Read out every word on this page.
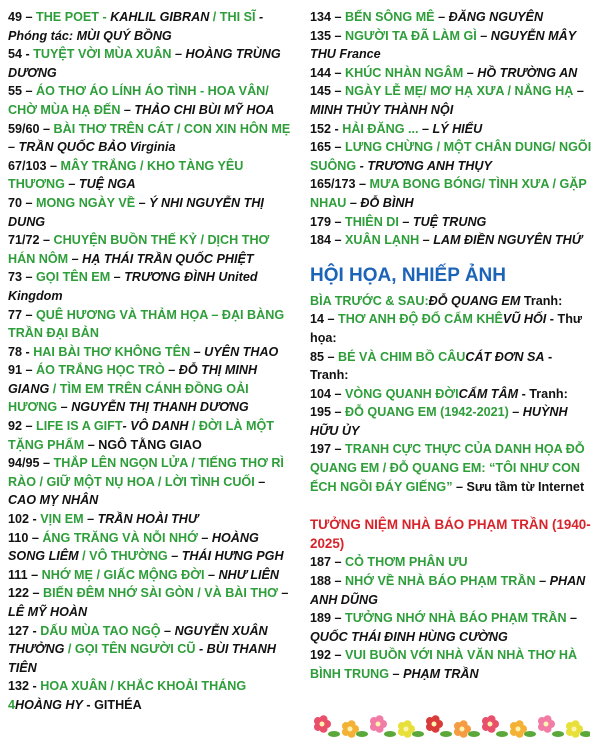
49 – THE POET - KAHLIL GIBRAN / THI SĨ - Phóng tác: MÙI QUÝ BỒNG

54 - TUYỆT VỜI MÙA XUÂN – HOÀNG TRÙNG DƯƠNG

55 – ÁO THƠ ÁO LÍNH ÁO TÌNH - HOA VÂN/ CHỜ MÙA HẠ ĐẾN – THẢO CHI BÙI MỸ HOA

59/60 – BÀI THƠ TRÊN CÁT / CON XIN HÔN MẸ – TRẦN QUỐC BẢO Virginia

67/103 – MÂY TRẮNG / KHO TÀNG YÊU THƯƠNG – TUỆ NGA

70 – MONG NGÀY VỀ – Ý NHI NGUYỄN THỊ DUNG

71/72 – CHUYỆN BUỒN THẾ KỶ / DỊCH THƠ HÁN NÔM – HẠ THÁI TRẦN QUỐC PHIỆT

73 – GỌI TÊN EM – TRƯƠNG ĐÌNH United Kingdom

77 – QUÊ HƯƠNG VÀ THẢM HỌA – ĐẠI BÀNG TRẦN ĐẠI BẢN

78 - HAI BÀI THƠ KHÔNG TÊN – UYÊN THAO

91 – ÁO TRẮNG HỌC TRÒ – ĐỖ THỊ MINH GIANG / TÌM EM TRÊN CÁNH ĐỒNG OẢI HƯƠNG – NGUYỄN THỊ THANH DƯƠNG

92 – LIFE IS A GIFT- VÔ DANH / ĐỜI LÀ MỘT TẶNG PHẨM – NGÔ TẰNG GIAO

94/95 – THẮP LÊN NGỌN LỬA / TIẾNG THƠ RÌ RÀO / GIỮ MỘT NỤ HOA / LỜI TÌNH CUỐI – CAO MỴ NHÂN

102 - VỊN EM – TRẦN HOÀI THƯ

110 – ÁNG TRĂNG VÀ NỖI NHỚ – HOÀNG SONG LIÊM / VÔ THƯỜNG – THÁI HƯNG PGH

111 – NHỚ MẸ / GIẤC MỘNG ĐỜI – NHƯ LIÊN

122 – BIẾN ĐÊM NHỚ SÀI GÒN / VÀ BÀI THƠ – LÊ MỸ HOÀN

127 - DẤU MÙA TAO NGỘ – NGUYỄN XUÂN THƯỞNG / GỌI TÊN NGƯỜI CŨ - BÙI THANH TIÊN

132 - HOA XUÂN / KHẮC KHOẢI THÁNG 4HOÀNG HY - GITHÉA

134 – BẾN SÔNG MÊ – ĐĂNG NGUYÊN

135 – NGƯỜI TA ĐÃ LÀM GÌ – NGUYỄN MÂY THU France

144 – KHÚC NHÀN NGÂM – HỒ TRƯỜNG AN

145 – NGÀY LỄ MẸ/ MƠ HẠ XƯA / NẮNG HẠ – MINH THỦY THÀNH NỘI

152 - HẢI ĐĂNG ... – LÝ HIỂU

165 – LƯNG CHỪNG / MỘT CHÂN DUNG/ NGÕI SUÔNG - TRƯƠNG ANH THỤY

165/173 – MƯA BONG BÓNG/ TÌNH XƯA / GẶP NHAU – ĐỖ BÌNH

179 – THIÊN DI – TUỆ TRUNG

184 – XUÂN LẠNH – LAM ĐIỀN NGUYÊN THỨ

HỘI HỌA, NHIẾP ẢNH

BÌA TRƯỚC & SAU:ĐỖ QUANG EM Tranh:

14 – THƠ ANH ĐỘ ĐỔ CẨM KHÊVŨ HỐI - Thư họa:

85 – BÉ VÀ CHIM BỒ CÂUCÁT ĐƠN SA - Tranh:

104 – VÒNG QUANH ĐỜICẨM TÂM - Tranh:

195 – ĐỖ QUANG EM (1942-2021) – HUỲNH HỮU ỦY

197 – TRANH CỰC THỰC CỦA DANH HỌA ĐỖ QUANG EM / ĐỖ QUANG EM: “TÔI NHƯ CON ẾCH NGỒI ĐÁY GIẾNG” – Sưu tầm từ Internet

TƯỞNG NIỆM NHÀ BÁO PHẠM TRẦN (1940- 2025)

187 – CỎ THƠM PHÂN ƯU

188 – NHỚ VỀ NHÀ BÁO PHẠM TRẦN – PHAN ANH DŨNG

189 – TƯỞNG NHỚ NHÀ BÁO PHẠM TRẦN – QUỐC THÁI ĐINH HÙNG CƯỜNG

192 – VUI BUỒN VỚI NHÀ VĂN NHÀ THƠ HÀ BÌNH TRUNG – PHẠM TRẦN
